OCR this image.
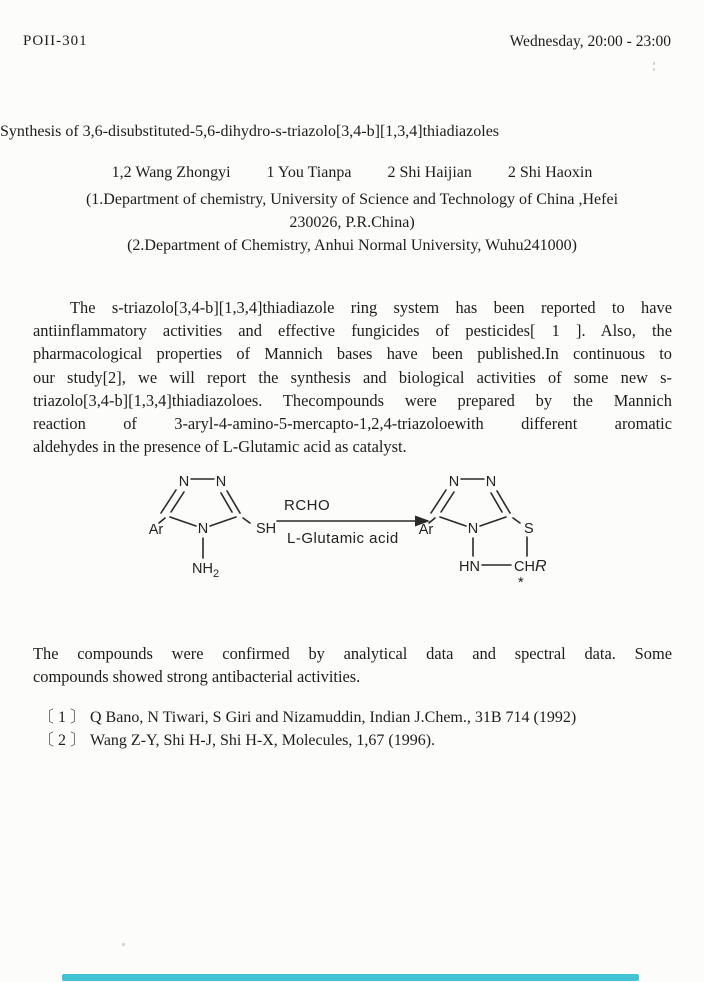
POII-301	Wednesday, 20:00 - 23:00
Synthesis of 3,6-disubstituted-5,6-dihydro-s-triazolo[3,4-b][1,3,4]thiadiazoles
1,2 Wang Zhongyi 1 You Tianpa 2 Shi Haijian 2 Shi Haoxin
(1.Department of chemistry, University of Science and Technology of China ,Hefei
230026, P.R.China)
(2.Department of Chemistry, Anhui Normal University, Wuhu241000)
The s-triazolo[3,4-b][1,3,4]thiadiazole ring system has been reported to have
antiinflammatory activities and effective fungicides of pesticides[ 1 ]. Also, the
pharmacological properties of Mannich bases have been published.In continuous to
our study[2], we will report the synthesis and biological activities of some new s-
triazolo[3,4-b][1,3,4]thiadiazoloes. Thecompounds were prepared by the Mannich
reaction of 3-aryl-4-amino-5-mercapto-1,2,4-triazoloewith different aromatic
aldehydes in the presence of L-Glutamic acid as catalyst.
N N
Ar N	SH
$NH_2$
RCHO
L-Glutamic acid
N N
Ar N	S
HN CHR
*
The compounds were confirmed by analytical data and spectral data. Some
compounds showed strong antibacterial activities.
〔 1 〕 Q Bano, N Tiwari, S Giri and Nizamuddin, Indian J.Chem., 31B 714 (1992)
〔 2 〕 Wang Z-Y, Shi H-J, Shi H-X, Molecules, 1,67 (1996).
